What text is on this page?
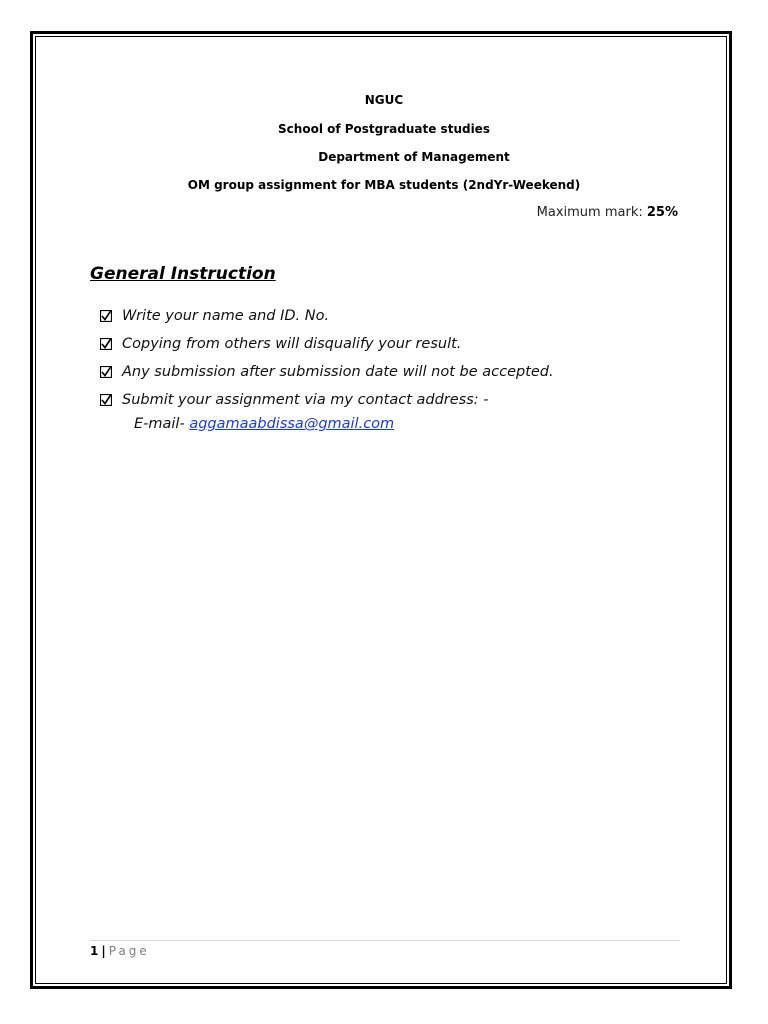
NGUC
School of Postgraduate studies
Department of Management
OM group assignment for MBA students (2ndYr-Weekend)
Maximum mark: 25%
General Instruction
Write your name and ID. No.
Copying from others will disqualify your result.
Any submission after submission date will not be accepted.
Submit your assignment via my contact address: -
E-mail- aggamaabdissa@gmail.com
1 | Page
